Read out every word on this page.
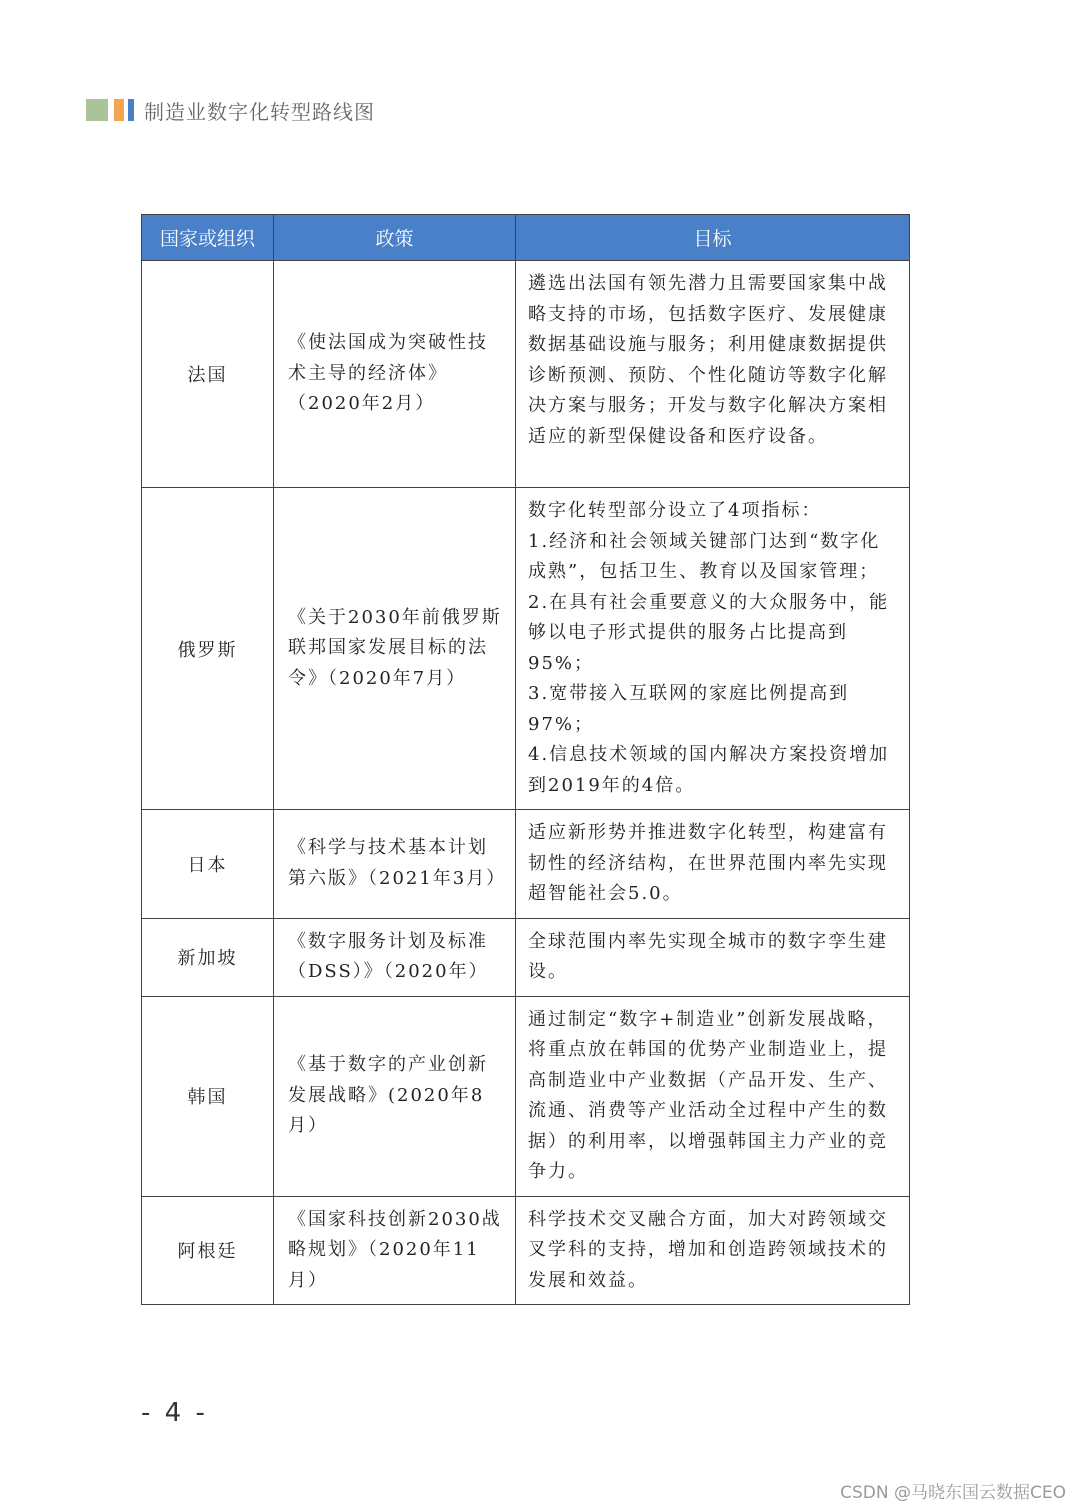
制造业数字化转型路线图
国家或组织	政策	目标
法国	《使法国成为突破性技术主导的经济体》（2020年2月）	遴选出法国有领先潜力且需要国家集中战略支持的市场，包括数字医疗、发展健康数据基础设施与服务；利用健康数据提供诊断预测、预防、个性化随访等数字化解决方案与服务；开发与数字化解决方案相适应的新型保健设备和医疗设备。

俄罗斯	《关于2030年前俄罗斯联邦国家发展目标的法令》（2020年7月）	数字化转型部分设立了4项指标：
1.经济和社会领域关键部门达到“数字化成熟”，包括卫生、教育以及国家管理；
2.在具有社会重要意义的大众服务中，能够以电子形式提供的服务占比提高到95%；
3.宽带接入互联网的家庭比例提高到97%；
4.信息技术领域的国内解决方案投资增加到2019年的4倍。

日本	《科学与技术基本计划第六版》（2021年3月）	适应新形势并推进数字化转型，构建富有韧性的经济结构，在世界范围内率先实现超智能社会5.0。

新加坡	《数字服务计划及标准（DSS）》（2020年）	全球范围内率先实现全城市的数字孪生建设。

韩国	《基于数字的产业创新发展战略》(2020年8月）	通过制定“数字+制造业”创新发展战略，将重点放在韩国的优势产业制造业上，提高制造业中产业数据（产品开发、生产、流通、消费等产业活动全过程中产生的数据）的利用率，以增强韩国主力产业的竞争力。

阿根廷	《国家科技创新2030战略规划》（2020年11月）	科学技术交叉融合方面，加大对跨领域交叉学科的支持，增加和创造跨领域技术的发展和效益。
- 4 -
CSDN @马晓东国云数据CEO
